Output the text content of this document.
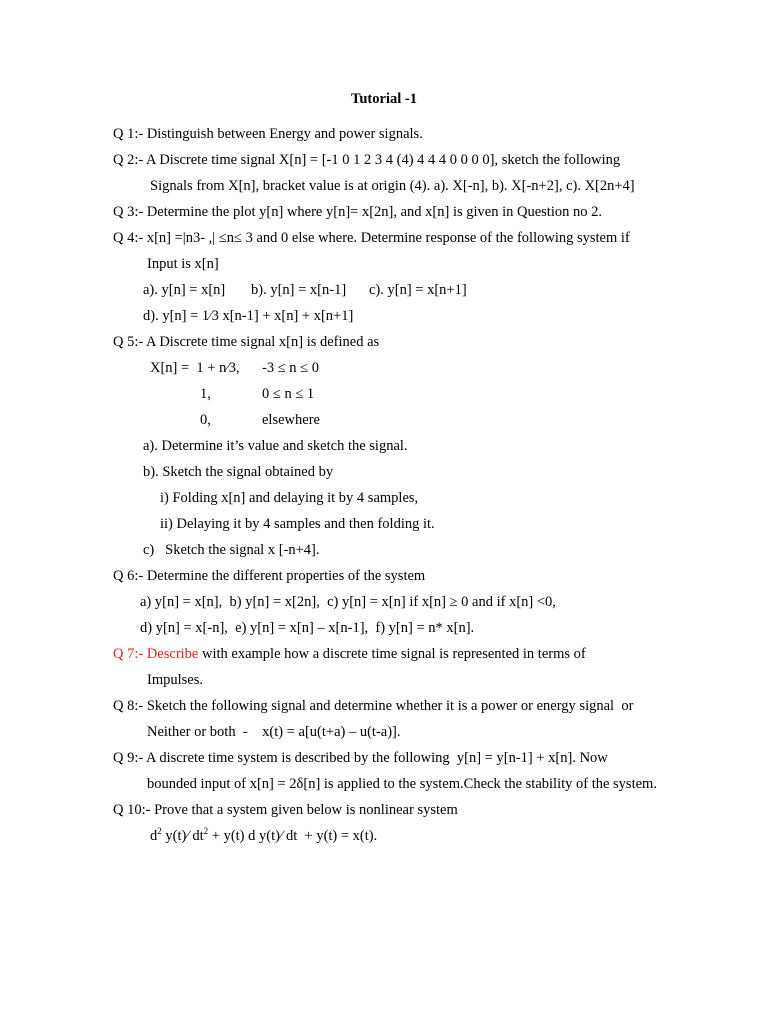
Tutorial -1
Q 1:- Distinguish between Energy and power signals.
Q 2:- A Discrete time signal X[n] = [-1 0 1 2 3 4 (4) 4 4 4 0 0 0 0], sketch the following
Signals from X[n], bracket value is at origin (4). a). X[-n], b). X[-n+2], c). X[2n+4]
Q 3:- Determine the plot y[n] where y[n]= x[2n], and x[n] is given in Question no 2.
Q 4:- x[n] =|n3- ,| ≤n≤ 3 and 0 else where. Determine response of the following system if
Input is x[n]
a). y[n] = x[n] b). y[n] = x[n-1] c). y[n] = x[n+1]
d). y[n] = 1⁄3 x[n-1] + x[n] + x[n+1]
Q 5:- A Discrete time signal x[n] is defined as
X[n] =  1 + n⁄3, -3 ≤ n ≤ 0
1,	0 ≤ n ≤ 1
0,	elsewhere
a). Determine it’s value and sketch the signal.
b). Sketch the signal obtained by
i) Folding x[n] and delaying it by 4 samples,
ii) Delaying it by 4 samples and then folding it.
c)   Sketch the signal x [-n+4].
Q 6:- Determine the different properties of the system
a) y[n] = x[n],  b) y[n] = x[2n],  c) y[n] = x[n] if x[n] ≥ 0 and if x[n] <0,
d) y[n] = x[-n],  e) y[n] = x[n] – x[n-1],  f) y[n] = n* x[n].
Q 7:- Describe with example how a discrete time signal is represented in terms of
Impulses.
Q 8:- Sketch the following signal and determine whether it is a power or energy signal  or
Neither or both  -    x(t) = a[u(t+a) – u(t-a)].
Q 9:- A discrete time system is described by the following  y[n] = y[n-1] + x[n]. Now
bounded input of x[n] = 2δ[n] is applied to the system.Check the stability of the system.
Q 10:- Prove that a system given below is nonlinear system
$d^2$ y(t)⁄ $dt^2 + y(t)$ d y(t)⁄ dt  + y(t) = x(t).
